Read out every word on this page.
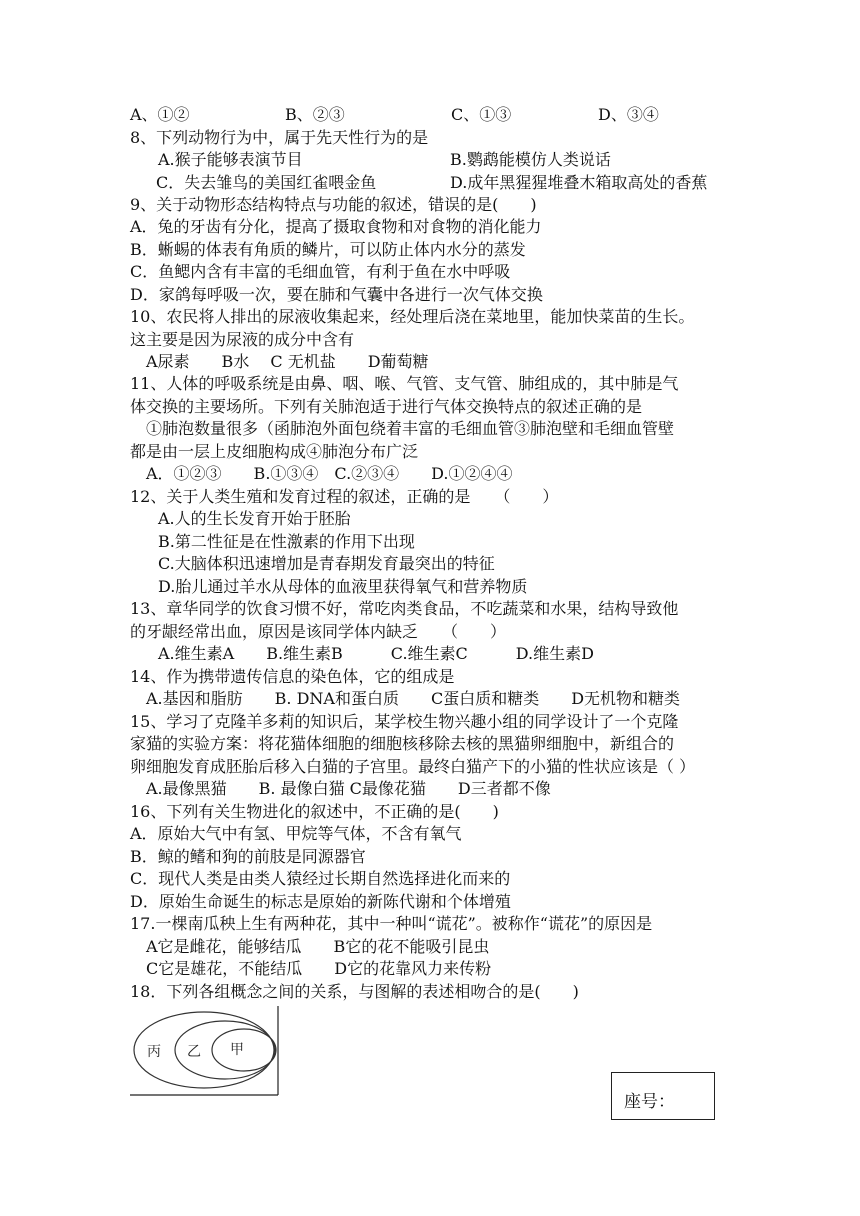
A、①②	B、②③	C、①③	D、③④
8、下列动物行为中，属于先天性行为的是
A.猴子能够表演节目	B.鹦鹉能模仿人类说话
C．失去雏鸟的美国红雀喂金鱼	D.成年黑猩猩堆叠木箱取高处的香蕉
9、关于动物形态结构特点与功能的叙述，错误的是(　　)
A．兔的牙齿有分化，提高了摄取食物和对食物的消化能力
B．蜥蜴的体表有角质的鳞片，可以防止体内水分的蒸发
C．鱼鳃内含有丰富的毛细血管，有利于鱼在水中呼吸
D．家鸽每呼吸一次，要在肺和气囊中各进行一次气体交换
10、农民将人排出的尿液收集起来，经处理后浇在菜地里，能加快菜苗的生长。
这主要是因为尿液的成分中含有
A尿素　　B水　 C 无机盐　　D葡萄糖
11、人体的呼吸系统是由鼻、咽、喉、气管、支气管、肺组成的，其中肺是气
体交换的主要场所。下列有关肺泡适于进行气体交换特点的叙述正确的是
①肺泡数量很多（函肺泡外面包绕着丰富的毛细血管③肺泡壁和毛细血管壁
都是由一层上皮细胞构成④肺泡分布广泛
A．①②③　　B.①③④　C.②③④　　D.①②④④
12、关于人类生殖和发育过程的叙述，正确的是　　（　　）
A.人的生长发育开始于胚胎
B.第二性征是在性激素的作用下出现
C.大脑体积迅速增加是青春期发育最突出的特征
D.胎儿通过羊水从母体的血液里获得氧气和营养物质
13、章华同学的饮食习惯不好，常吃肉类食品，不吃蔬菜和水果，结构导致他
的牙龈经常出血，原因是该同学体内缺乏　　（　　）
A.维生素A　　B.维生素B　　　C.维生素C　　　D.维生素D
14、作为携带遗传信息的染色体，它的组成是
A.基因和脂肪　　B. DNA和蛋白质　　C蛋白质和糖类　　D无机物和糖类
15、学习了克隆羊多莉的知识后，某学校生物兴趣小组的同学设计了一个克隆
家猫的实验方案：将花猫体细胞的细胞核移除去核的黑猫卵细胞中，新组合的
卵细胞发育成胚胎后移入白猫的子宫里。最终白猫产下的小猫的性状应该是（ ）
A.最像黑猫　　B. 最像白猫 C最像花猫　　D三者都不像
16、下列有关生物进化的叙述中，不正确的是(　　)
A．原始大气中有氢、甲烷等气体，不含有氧气
B．鲸的鳍和狗的前肢是同源器官
C．现代人类是由类人猿经过长期自然选择进化而来的
D．原始生命诞生的标志是原始的新陈代谢和个体增殖
17.一棵南瓜秧上生有两种花，其中一种叫“谎花”。被称作“谎花”的原因是
A它是雌花，能够结瓜　　B它的花不能吸引昆虫
C它是雄花，不能结瓜　　D它的花靠风力来传粉
18．下列各组概念之间的关系，与图解的表述相吻合的是(　　)
丙 乙 甲
座号：
